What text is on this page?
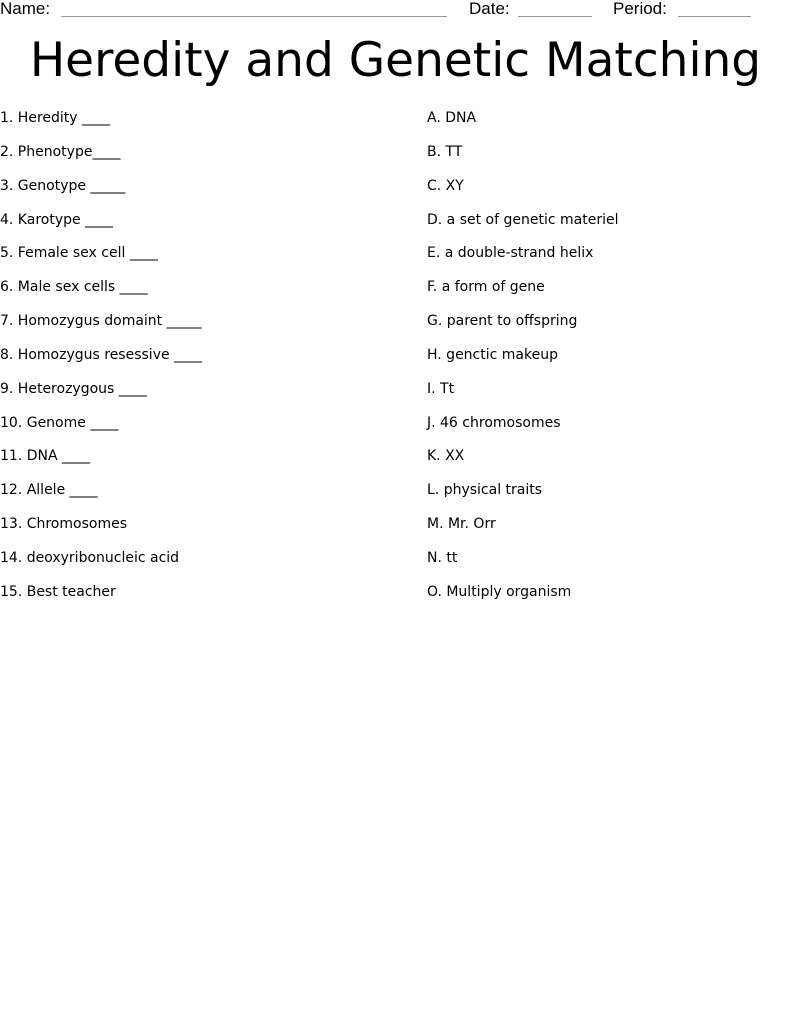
Name:	Date:	Period:
Heredity and Genetic Matching
1. Heredity ____
2. Phenotype____
3. Genotype _____
4. Karotype ____
5. Female sex cell ____
6. Male sex cells ____
7. Homozygus domaint _____
8. Homozygus resessive ____
9. Heterozygous ____
10. Genome ____
11. DNA ____
12. Allele ____
13. Chromosomes
14. deoxyribonucleic acid
15. Best teacher
A. DNA
B. TT
C. XY
D. a set of genetic materiel
E. a double-strand helix
F. a form of gene
G. parent to offspring
H. genctic makeup
I. Tt
J. 46 chromosomes
K. XX
L. physical traits
M. Mr. Orr
N. tt
O. Multiply organism
